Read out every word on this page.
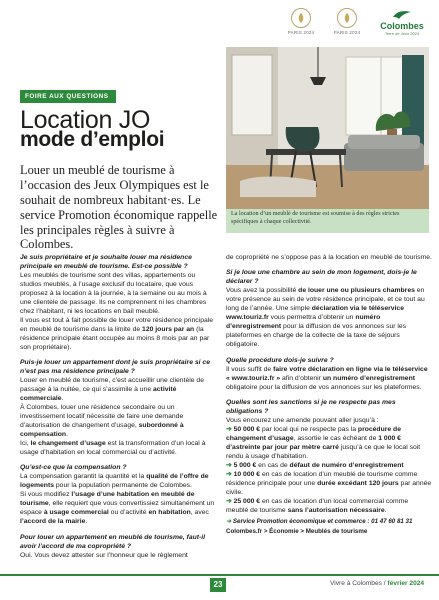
PARIS 2024	PARIS 2024
Colombes
Terre de Jeux 2024
FOIRE AUX QUESTIONS
Location JO
mode d’emploi
La location d’un meublé de tourisme est soumise à des règles strictes spécifiques à chaque collectivité.

Louer un meublé de tourisme à l’occasion des Jeux Olympiques est le souhait de nombreux habitant·es. Le service Promotion économique rappelle les principales règles à suivre à Colombes.

Je suis propriétaire et je souhaite louer ma résidence principale en meublé de tourisme. Est-ce possible ?
Les meublés de tourisme sont des villas, appartements ou studios meublés, à l’usage exclusif du locataire, que vous proposez à la location à la journée, à la semaine ou au mois à une clientèle de passage. Ils ne comprennent ni les chambres chez l’habitant, ni les locations en bail meublé.
Il vous est tout à fait possible de louer votre résidence principale en meublé de tourisme dans la limite de 120 jours par an (la résidence principale étant occupée au moins 8 mois par an par son propriétaire).
Puis-je louer un appartement dont je suis propriétaire si ce n’est pas ma résidence principale ?
Louer en meublé de tourisme, c’est accueillir une clientèle de passage à la nuitée, ce qui s’assimile à une activité commerciale.
À Colombes, louer une résidence secondaire ou un investissement locatif nécessite de faire une demande d’autorisation de changement d’usage, subordonné à compensation.
Ici, le changement d’usage est la transformation d’un local à usage d’habitation en local commercial ou d’activité.
Qu’est-ce que la compensation ?
La compensation garantit la quantité et la qualité de l’offre de logements pour la population permanente de Colombes.
Si vous modifiez l’usage d’une habitation en meublé de tourisme, elle requiert que vous convertissiez simultanément un espace à usage commercial ou d’activité en habitation, avec l’accord de la mairie.
Pour louer un appartement en meublé de tourisme, faut-il avoir l’accord de ma copropriété ?
Oui. Vous devez attester sur l’honneur que le règlement
de copropriété ne s’oppose pas à la location en meublé de tourisme.
Si je loue une chambre au sein de mon logement, dois-je le déclarer ?
Vous avez la possibilité de louer une ou plusieurs chambres en votre présence au sein de votre résidence principale, et ce tout au long de l’année. Une simple déclaration via le téléservice www.touriz.fr vous permettra d’obtenir un numéro d’enregistrement pour la diffusion de vos annonces sur les plateformes en charge de la collecte de la taxe de séjours obligatoire.
Quelle procédure dois-je suivre ?
Il vous suffit de faire votre déclaration en ligne via le téléservice « www.touriz.fr » afin d’obtenir un numéro d’enregistrement obligatoire pour la diffusion de vos annonces sur les plateformes.
Quelles sont les sanctions si je ne respecte pas mes obligations ?
Vous encourez une amende pouvant aller jusqu’à :
➔ 50 000 € par local qui ne respecte pas la procédure de changement d’usage, assortie le cas échéant de 1 000 € d’astreinte par jour par mètre carré jusqu’à ce que le local soit rendu à usage d’habitation.
➔ 5 000 € en cas de défaut de numéro d’enregistrement
➔ 10 000 € en cas de location d’un meublé de tourisme comme résidence principale pour une durée excédant 120 jours par année civile.
➔ 25 000 € en cas de location d’un local commercial comme meublé de tourisme sans l’autorisation nécessaire.
➔ Service Promotion économique et commerce : 01 47 60 81 31
Colombes.fr > Économie > Meublés de tourisme
23	Vivre à Colombes / février 2024
